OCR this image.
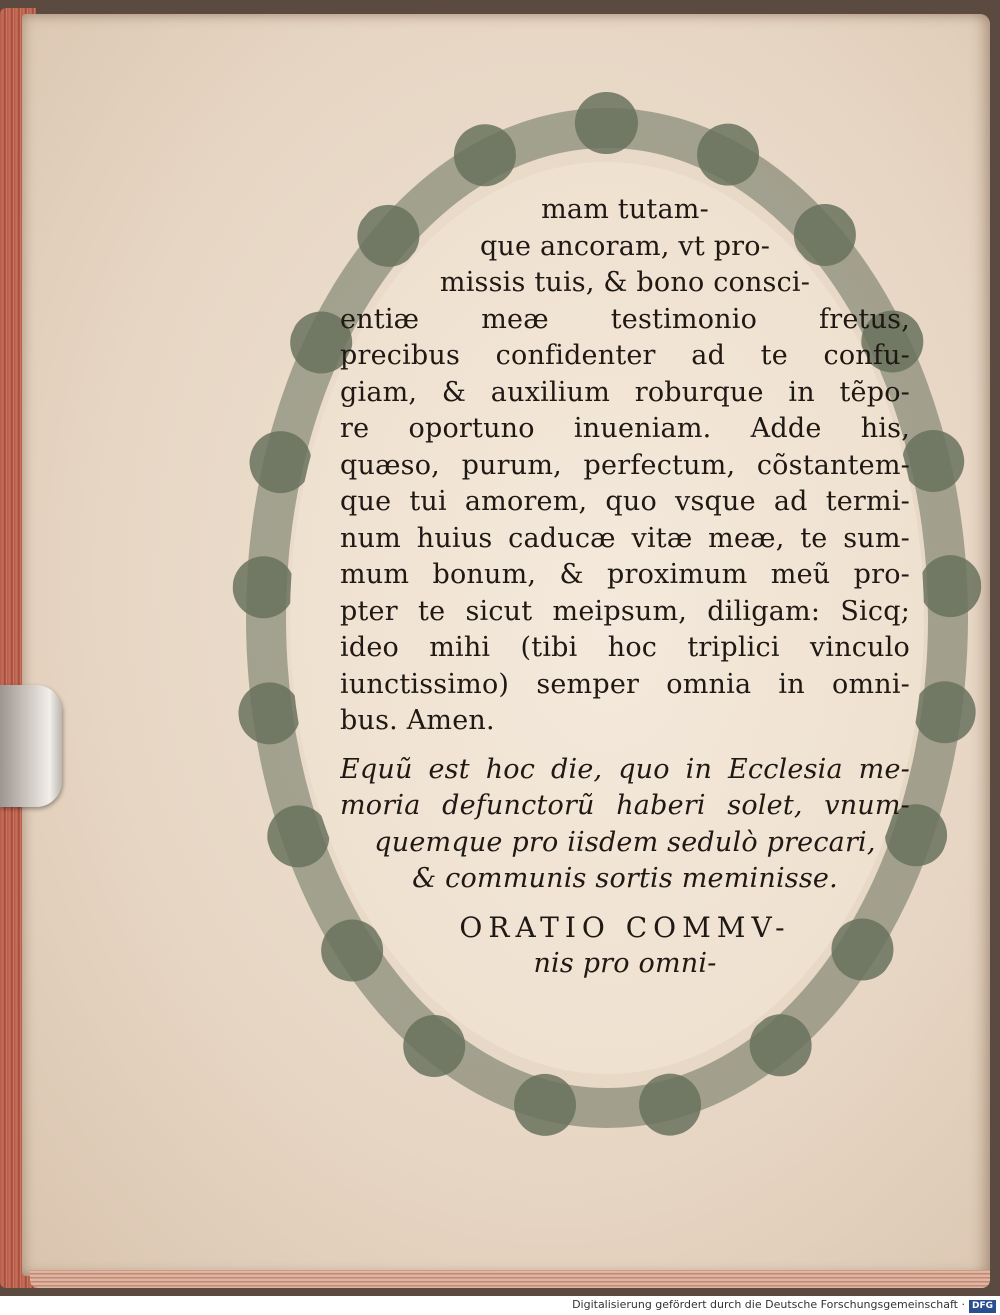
mam tutam-
que ancoram, vt pro-
missis tuis, & bono consci-
entiæ meæ testimonio fretus,
precibus confidenter ad te confu-
giam, & auxilium roburque in tẽpo-
re oportuno inueniam. Adde his,
quæso, purum, perfectum, cõstantem-
que tui amorem, quo vsque ad termi-
num huius caducæ vitæ meæ, te sum-
mum bonum, & proximum meũ pro-
pter te sicut meipsum, diligam: Sicq;
ideo mihi (tibi hoc triplici vinculo
iunctissimo) semper omnia in omni-
bus. Amen.
Equũ est hoc die, quo in Ecclesia me-
moria defunctorũ haberi solet, vnum-
quemque pro iisdem sedulò precari,
& communis sortis meminisse.
ORATIO COMMV-
nis pro omni-
Digitalisierung gefördert durch die Deutsche Forschungsgemeinschaft · DFG
